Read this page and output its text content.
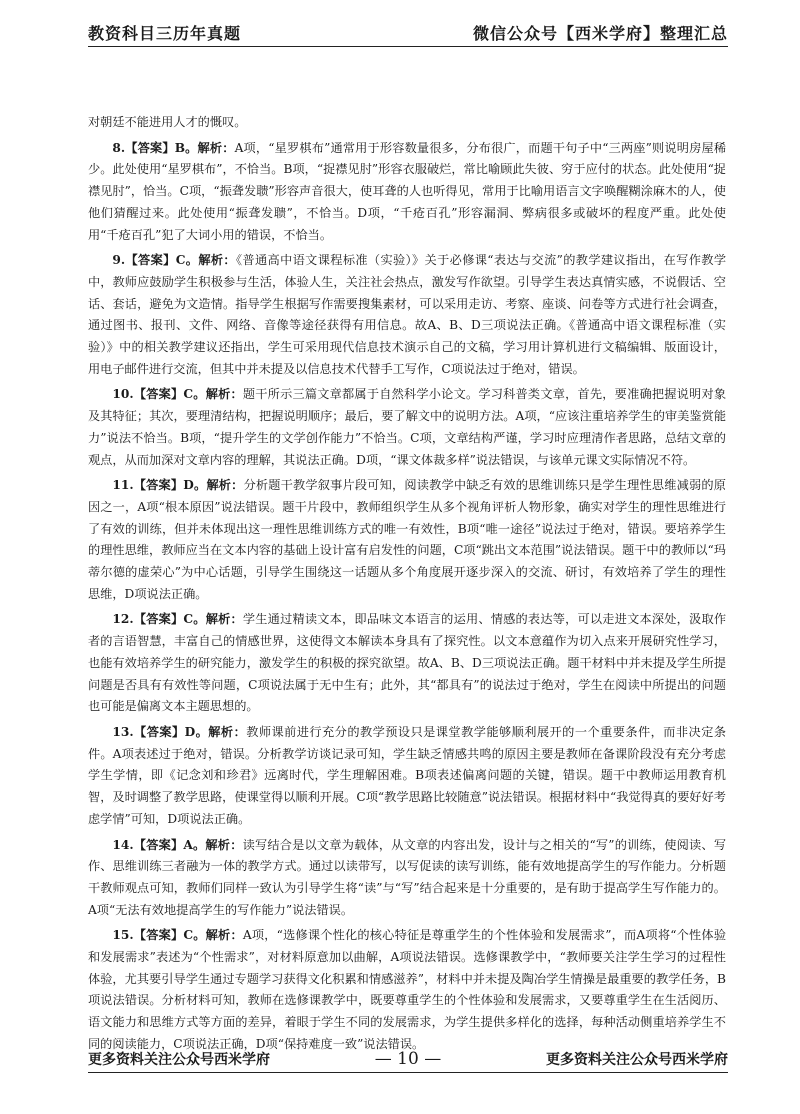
教资科目三历年真题	微信公众号【西米学府】整理汇总

对朝廷不能进用人才的慨叹。

8.【答案】B。解析：A项，“星罗棋布”通常用于形容数量很多，分布很广，而题干句子中“三两座”则说明房屋稀少。此处使用“星罗棋布”，不恰当。B项，“捉襟见肘”形容衣服破烂，常比喻顾此失彼、穷于应付的状态。此处使用“捉襟见肘”，恰当。C项，“振聋发聩”形容声音很大，使耳聋的人也听得见，常用于比喻用语言文字唤醒糊涂麻木的人，使他们猜醒过来。此处使用“振聋发聩”，不恰当。D项，“千疮百孔”形容漏洞、弊病很多或破坏的程度严重。此处使用“千疮百孔”犯了大词小用的错误，不恰当。

9.【答案】C。解析：《普通高中语文课程标准（实验）》关于必修课“表达与交流”的教学建议指出，在写作教学中，教师应鼓励学生积极参与生活，体验人生，关注社会热点，激发写作欲望。引导学生表达真情实感，不说假话、空话、套话，避免为文造情。指导学生根据写作需要搜集素材，可以采用走访、考察、座谈、问卷等方式进行社会调查，通过图书、报刊、文件、网络、音像等途径获得有用信息。故A、B、D三项说法正确。《普通高中语文课程标准（实验）》中的相关教学建议还指出，学生可采用现代信息技术演示自己的文稿，学习用计算机进行文稿编辑、版面设计，用电子邮件进行交流，但其中并未提及以信息技术代替手工写作，C项说法过于绝对，错误。

10.【答案】C。解析：题干所示三篇文章都属于自然科学小论文。学习科普类文章，首先，要准确把握说明对象及其特征；其次，要理清结构，把握说明顺序；最后，要了解文中的说明方法。A项，“应该注重培养学生的审美鉴赏能力”说法不恰当。B项，“提升学生的文学创作能力”不恰当。C项，文章结构严谨，学习时应理清作者思路，总结文章的观点，从而加深对文章内容的理解，其说法正确。D项，“课文体裁多样”说法错误，与该单元课文实际情况不符。

11.【答案】D。解析：分析题干教学叙事片段可知，阅读教学中缺乏有效的思维训练只是学生理性思维减弱的原因之一，A项“根本原因”说法错误。题干片段中，教师组织学生从多个视角评析人物形象，确实对学生的理性思维进行了有效的训练，但并未体现出这一理性思维训练方式的唯一有效性，B项“唯一途径”说法过于绝对，错误。要培养学生的理性思维，教师应当在文本内容的基础上设计富有启发性的问题，C项“跳出文本范围”说法错误。题干中的教师以“玛蒂尔德的虚荣心”为中心话题，引导学生围绕这一话题从多个角度展开逐步深入的交流、研讨，有效培养了学生的理性思维，D项说法正确。

12.【答案】C。解析：学生通过精读文本，即品味文本语言的运用、情感的表达等，可以走进文本深处，汲取作者的言语智慧，丰富自己的情感世界，这使得文本解读本身具有了探究性。以文本意蕴作为切入点来开展研究性学习，也能有效培养学生的研究能力，激发学生的积极的探究欲望。故A、B、D三项说法正确。题干材料中并未提及学生所提问题是否具有有效性等问题，C项说法属于无中生有；此外，其“都具有”的说法过于绝对，学生在阅读中所提出的问题也可能是偏离文本主题思想的。

13.【答案】D。解析：教师课前进行充分的教学预设只是课堂教学能够顺利展开的一个重要条件，而非决定条件。A项表述过于绝对，错误。分析教学访谈记录可知，学生缺乏情感共鸣的原因主要是教师在备课阶段没有充分考虑学生学情，即《记念刘和珍君》远离时代，学生理解困难。B项表述偏离问题的关键，错误。题干中教师运用教育机智，及时调整了教学思路，使课堂得以顺利开展。C项“教学思路比较随意”说法错误。根据材料中“我觉得真的要好好考虑学情”可知，D项说法正确。

14.【答案】A。解析：读写结合是以文章为载体，从文章的内容出发，设计与之相关的“写”的训练，使阅读、写作、思维训练三者融为一体的教学方式。通过以读带写，以写促读的读写训练，能有效地提高学生的写作能力。分析题干教师观点可知，教师们同样一致认为引导学生将“读”与“写”结合起来是十分重要的，是有助于提高学生写作能力的。A项“无法有效地提高学生的写作能力”说法错误。

15.【答案】C。解析：A项，“选修课个性化的核心特征是尊重学生的个性体验和发展需求”，而A项将“个性体验和发展需求”表述为“个性需求”，对材料原意加以曲解，A项说法错误。选修课教学中，“教师要关注学生学习的过程性体验，尤其要引导学生通过专题学习获得文化积累和情感滋养”，材料中并未提及陶冶学生情操是最重要的教学任务，B项说法错误。分析材料可知，教师在选修课教学中，既要尊重学生的个性体验和发展需求，又要尊重学生在生活阅历、语文能力和思维方式等方面的差异，着眼于学生不同的发展需求，为学生提供多样化的选择，每种活动侧重培养学生不同的阅读能力，C项说法正确，D项“保持难度一致”说法错误。

更多资料关注公众号西米学府	— 10 —	更多资料关注公众号西米学府
